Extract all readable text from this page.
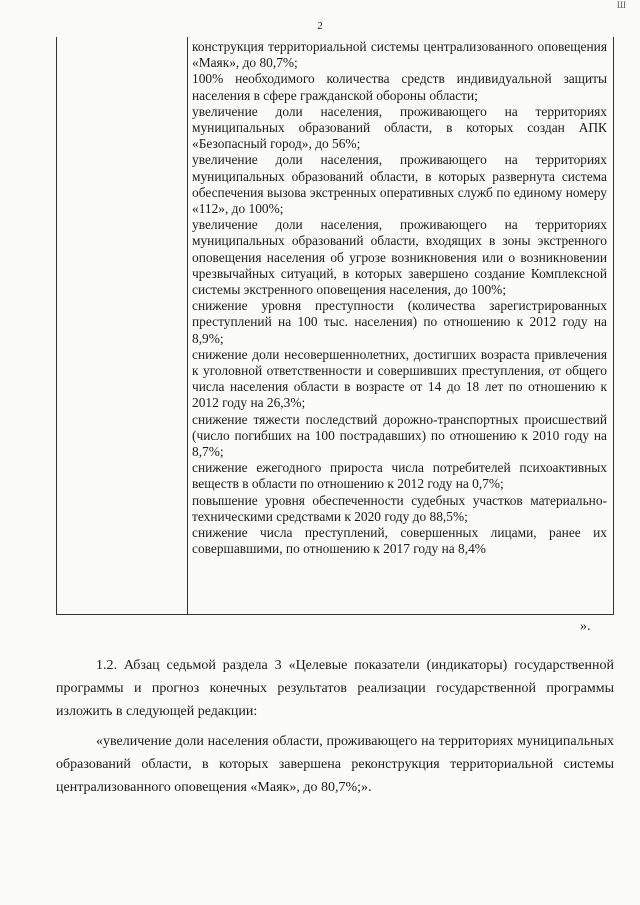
2
Ш

конструкция территориальной системы централизованного оповещения «Маяк», до 80,7%;

100% необходимого количества средств индивидуальной защиты населения в сфере гражданской обороны области;

увеличение доли населения, проживающего на территориях муниципальных образований области, в которых создан АПК «Безопасный город», до 56%;

увеличение доли населения, проживающего на территориях муниципальных образований области, в которых развернута система обеспечения вызова экстренных оперативных служб по единому номеру «112», до 100%;

увеличение доли населения, проживающего на территориях муниципальных образований области, входящих в зоны экстренного оповещения населения об угрозе возникновения или о возникновении чрезвычайных ситуаций, в которых завершено создание Комплексной системы экстренного оповещения населения, до 100%;

снижение уровня преступности (количества зарегистрированных преступлений на 100 тыс. населения) по отношению к 2012 году на 8,9%;

снижение доли несовершеннолетних, достигших возраста привлечения к уголовной ответственности и совершивших преступления, от общего числа населения области в возрасте от 14 до 18 лет по отношению к 2012 году на 26,3%;

снижение тяжести последствий дорожно-транспортных происшествий (число погибших на 100 пострадавших) по отношению к 2010 году на 8,7%;

снижение ежегодного прироста числа потребителей психоактивных веществ в области по отношению к 2012 году на 0,7%;

повышение уровня обеспеченности судебных участков материально-техническими средствами к 2020 году до 88,5%;

снижение числа преступлений, совершенных лицами, ранее их совершавшими, по отношению к 2017 году на 8,4%

».

1.2. Абзац седьмой раздела 3 «Целевые показатели (индикаторы) государственной программы и прогноз конечных результатов реализации государственной программы изложить в следующей редакции:

«увеличение доли населения области, проживающего на территориях муниципальных образований области, в которых завершена реконструкция территориальной системы централизованного оповещения «Маяк», до 80,7%;».
